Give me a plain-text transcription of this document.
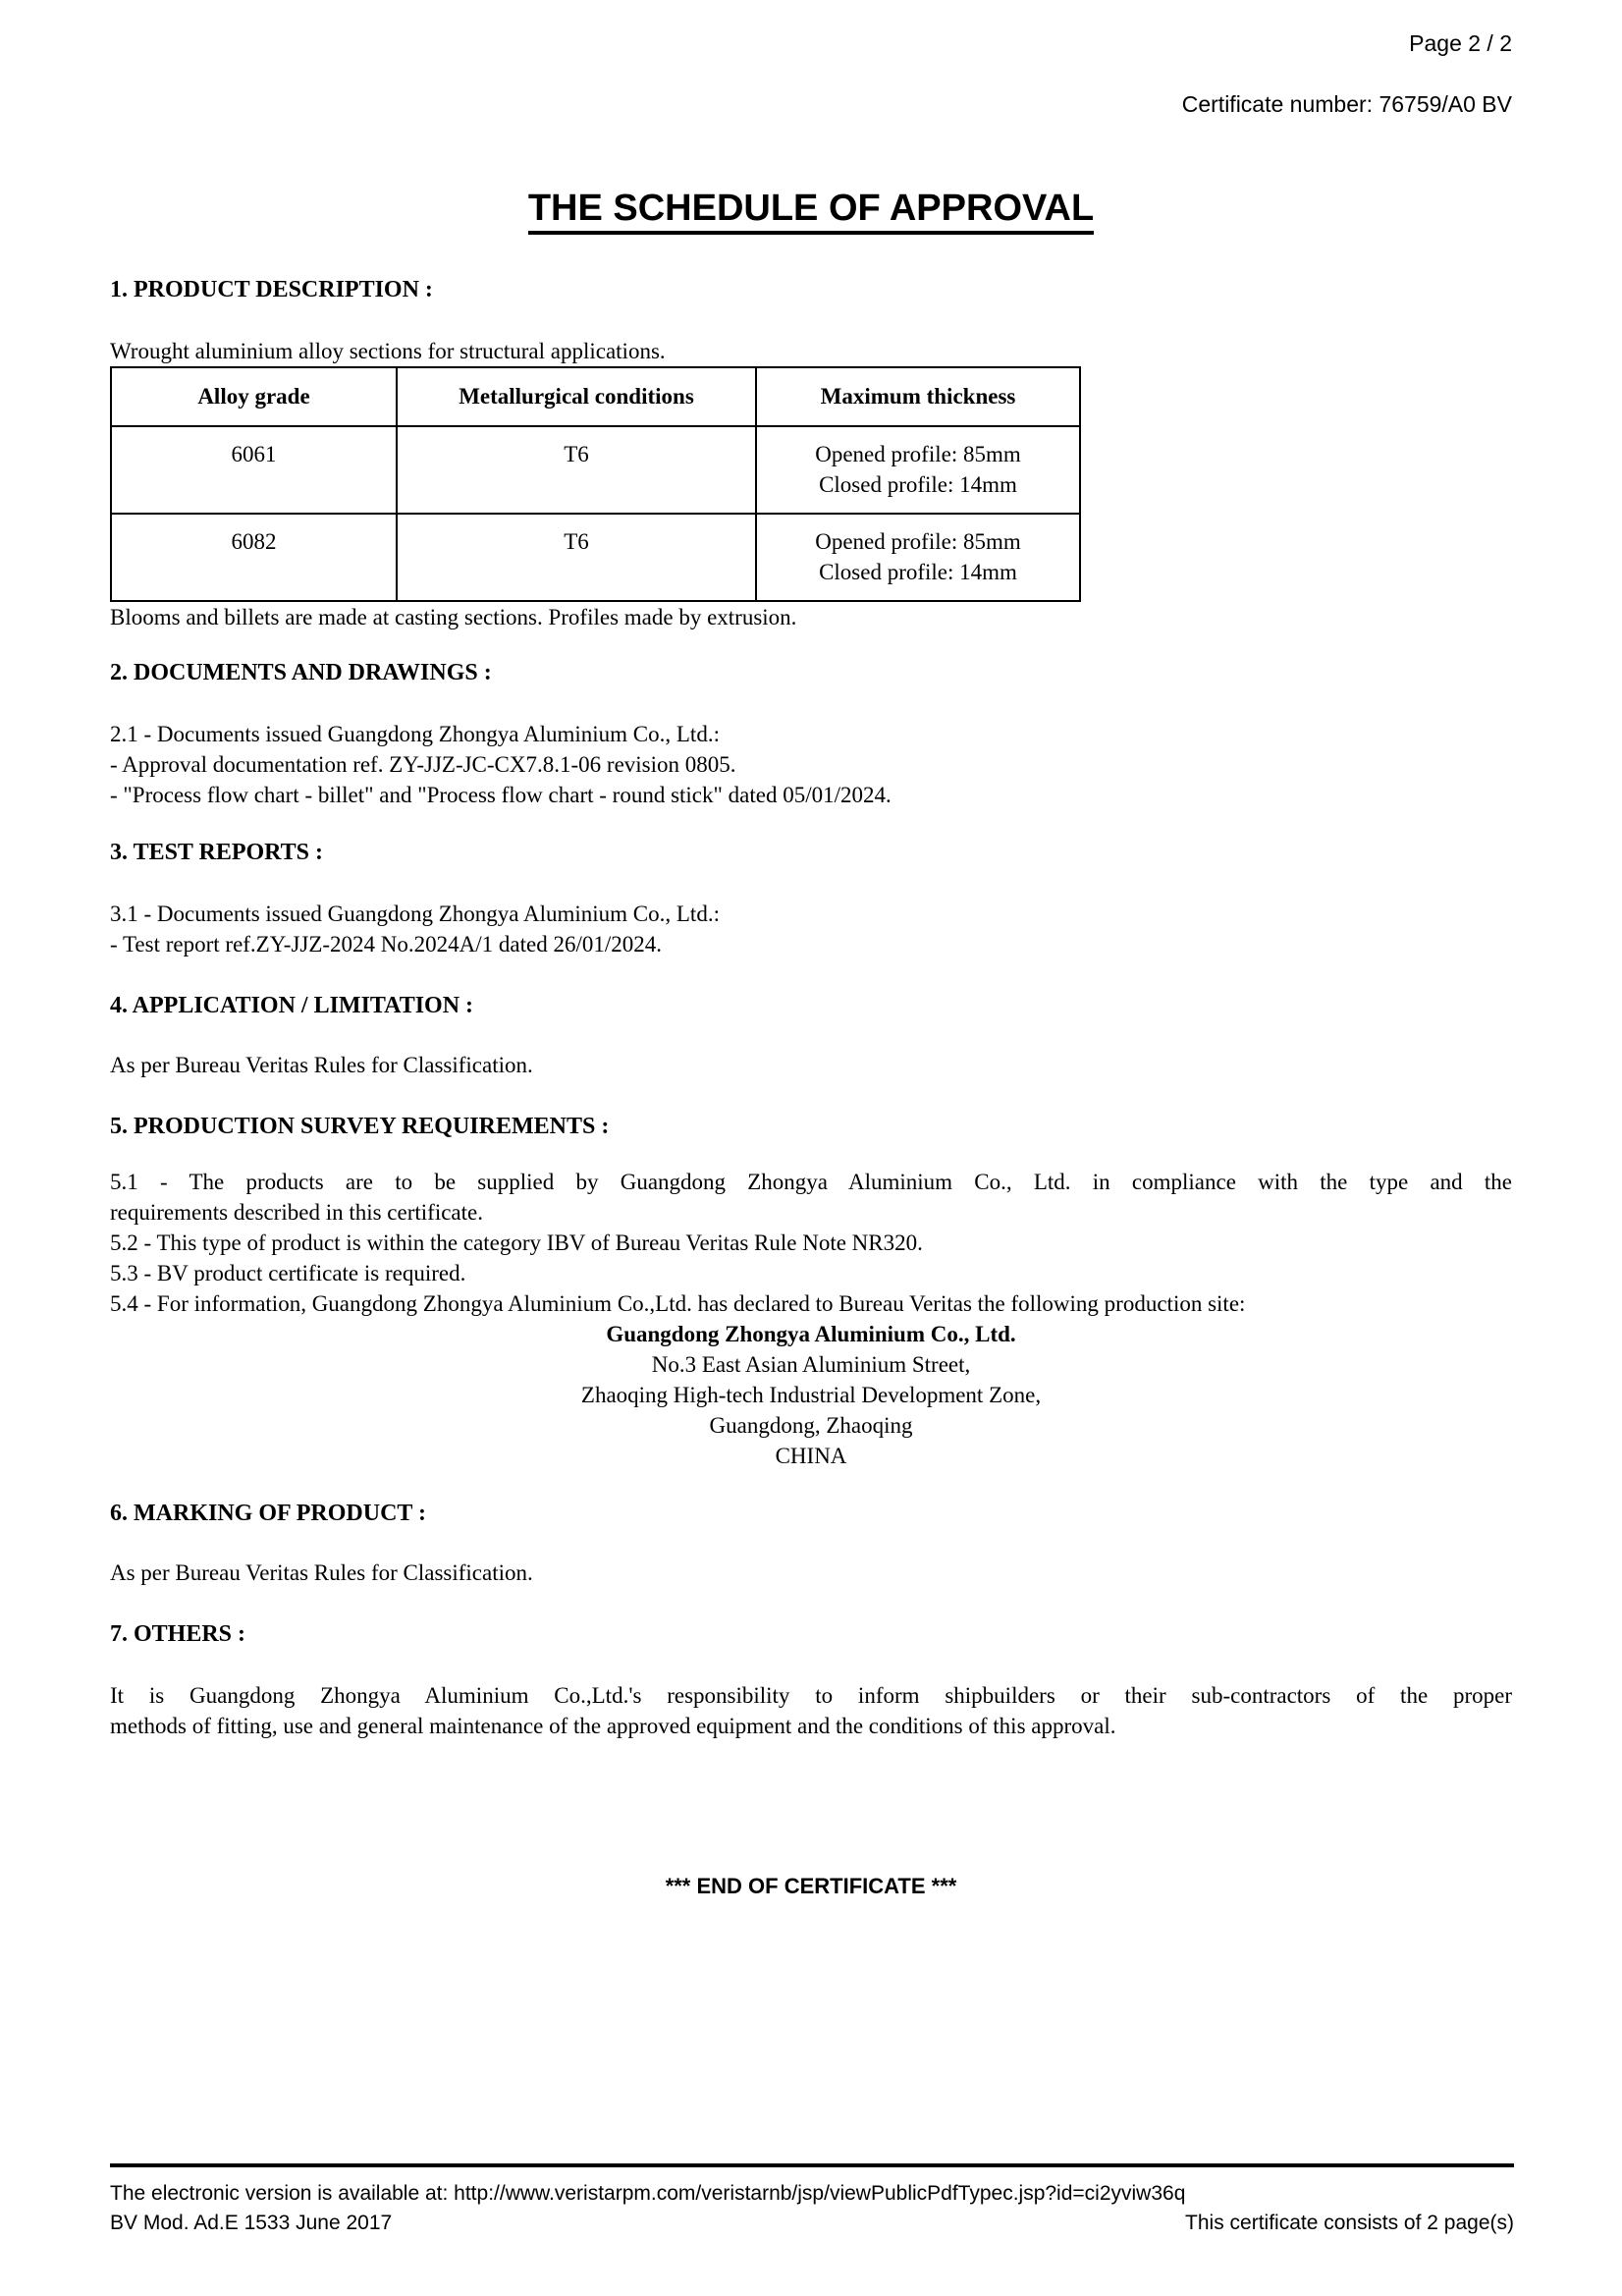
Page 2 / 2
Certificate number: 76759/A0 BV
THE SCHEDULE OF APPROVAL
1. PRODUCT DESCRIPTION :

Wrought aluminium alloy sections for structural applications.

Alloy grade	Metallurgical conditions	Maximum thickness
6061	T6	Opened profile: 85mm
Closed profile: 14mm

6082	T6	Opened profile: 85mm
Closed profile: 14mm

Blooms and billets are made at casting sections. Profiles made by extrusion.

2. DOCUMENTS AND DRAWINGS :

2.1 - Documents issued Guangdong Zhongya Aluminium Co., Ltd.:

- Approval documentation ref. ZY-JJZ-JC-CX7.8.1-06 revision 0805.

- "Process flow chart - billet" and "Process flow chart - round stick" dated 05/01/2024.

3. TEST REPORTS :

3.1 - Documents issued Guangdong Zhongya Aluminium Co., Ltd.:

- Test report ref.ZY-JJZ-2024 No.2024A/1 dated 26/01/2024.

4. APPLICATION / LIMITATION :

As per Bureau Veritas Rules for Classification.

5. PRODUCTION SURVEY REQUIREMENTS :

5.1 - The products are to be supplied by Guangdong Zhongya Aluminium Co., Ltd. in compliance with the type and the

requirements described in this certificate.

5.2 - This type of product is within the category IBV of Bureau Veritas Rule Note NR320.

5.3 - BV product certificate is required.

5.4 - For information, Guangdong Zhongya Aluminium Co.,Ltd. has declared to Bureau Veritas the following production site:

Guangdong Zhongya Aluminium Co., Ltd.
No.3 East Asian Aluminium Street,
Zhaoqing High-tech Industrial Development Zone,
Guangdong, Zhaoqing
CHINA
6. MARKING OF PRODUCT :

As per Bureau Veritas Rules for Classification.

7. OTHERS :

It is Guangdong Zhongya Aluminium Co.,Ltd.'s responsibility to inform shipbuilders or their sub-contractors of the proper

methods of fitting, use and general maintenance of the approved equipment and the conditions of this approval.

*** END OF CERTIFICATE ***
The electronic version is available at: http://www.veristarpm.com/veristarnb/jsp/viewPublicPdfTypec.jsp?id=ci2yviw36q
BV Mod. Ad.E 1533 June 2017	This certificate consists of 2 page(s)
